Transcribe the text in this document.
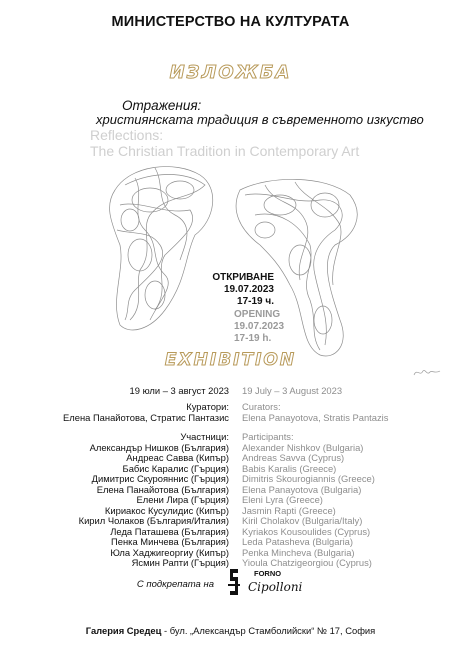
МИНИСТЕРСТВО НА КУЛТУРАТА
ИЗЛОЖБА
Отражения:
християнската традиция в съвременното изкуство
Reflections:
The Christian Tradition in Contemporary Art
ОТКРИВАНЕ
19.07.2023
17-19 ч.
OPENING
19.07.2023
17-19 h.
EXHIBITION
19 юли – 3 август 2023 19 July – 3 August 2023
Куратори:
Елена Панайотова, Стратис Пантазис
Curators:
Elena Panayotova, Stratis Pantazis
Участници:
Александър Нишков (България)
Андреас Савва (Кипър)
Бабис Каралис (Гърция)
Димитрис Скурояннис (Гърция)
Елена Панайотова (България)
Елени Лира (Гърция)
Кириакос Кусулидис (Кипър)
Кирил Чолаков (България/Италия)
Леда Паташева (България)
Пенка Минчева (България)
Юла Хаджигеоргиу (Кипър)
Ясмин Рапти (Гърция)
Participants:
Alexander Nishkov (Bulgaria)
Andreas Savva (Cyprus)
Babis Karalis (Greece)
Dimitris Skourogiannis (Greece)
Elena Panayotova (Bulgaria)
Eleni Lyra (Greece)
Jasmin Rapti (Greece)
Kiril Cholakov (Bulgaria/Italy)
Kyriakos Kousoulides (Cyprus)
Leda Patasheva (Bulgaria)
Penka Mincheva (Bulgaria)
Yioula Chatzigeorgiou (Cyprus)
С подкрепата на
FORNO
Cipolloni
Галерия Средец - бул. „Александър Стамболийски“ № 17, София
